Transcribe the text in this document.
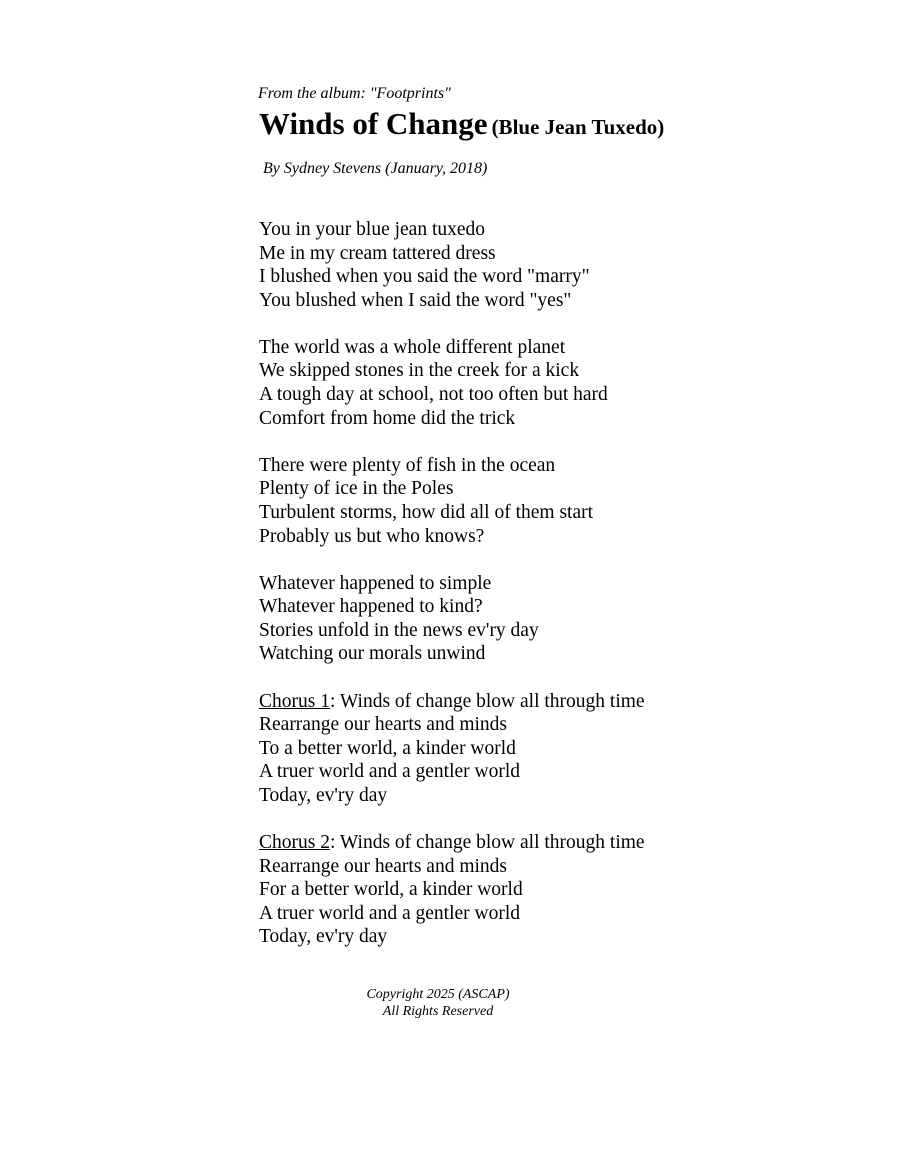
From the album: "Footprints"
Winds of Change (Blue Jean Tuxedo)
By Sydney Stevens (January, 2018)
You in your blue jean tuxedo
Me in my cream tattered dress
I blushed when you said the word "marry"
You blushed when I said the word "yes"
The world was a whole different planet
We skipped stones in the creek for a kick
A tough day at school, not too often but hard
Comfort from home did the trick
There were plenty of fish in the ocean
Plenty of ice in the Poles
Turbulent storms, how did all of them start
Probably us but who knows?
Whatever happened to simple
Whatever happened to kind?
Stories unfold in the news ev'ry day
Watching our morals unwind
Chorus 1: Winds of change blow all through time
Rearrange our hearts and minds
To a better world, a kinder world
A truer world and a gentler world
Today, ev'ry day
Chorus 2: Winds of change blow all through time
Rearrange our hearts and minds
For a better world, a kinder world
A truer world and a gentler world
Today, ev'ry day
Copyright 2025 (ASCAP)
All Rights Reserved
